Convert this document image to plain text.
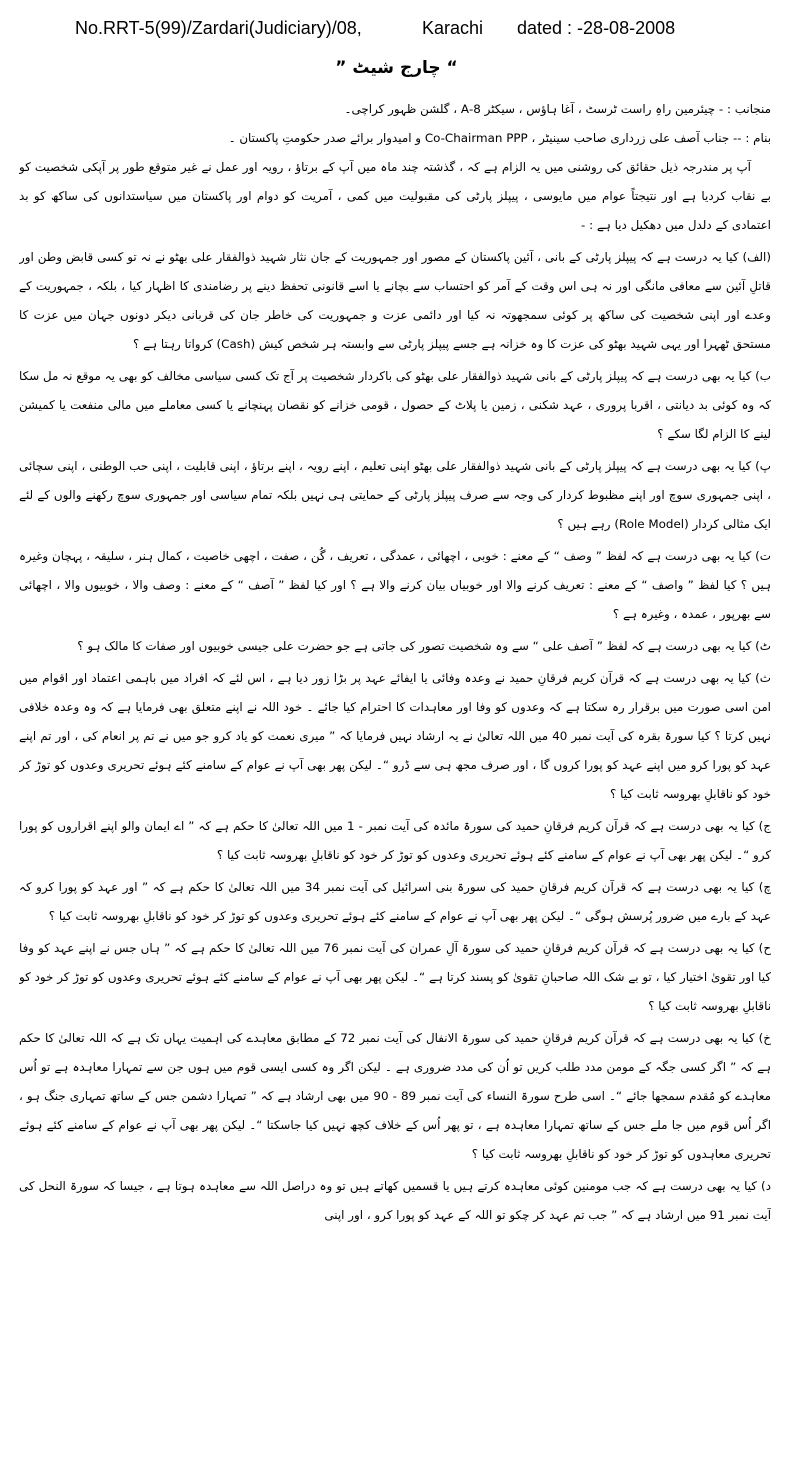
No.RRT-5(99)/Zardari(Judiciary)/08,	Karachi dated : -28-08-2008
“ چارج شیٹ ”

منجانب : - چیئرمین راہِ راست ٹرسٹ ، آغا ہاؤس ، سیکٹر 8-A ، گلشن ظہور کراچی۔

بنام : -- جناب آصف علی زرداری صاحب سینیٹر ، Co-Chairman PPP و امیدوار برائے صدر حکومتِ پاکستان ۔

آپ پر مندرجہ ذیل حقائق کی روشنی میں یہ الزام ہے کہ ، گذشتہ چند ماہ میں آپ کے برتاؤ ، رویہ اور عمل نے غیر متوقع طور پر آپکی شخصیت کو بے نقاب کردیا ہے اور نتیجتاً عوام میں مایوسی ، پیپلز پارٹی کی مقبولیت میں کمی ، آمریت کو دوام اور پاکستان میں سیاستدانوں کی ساکھ کو بد اعتمادی کے دلدل میں دھکیل دیا ہے : -

(الف) کیا یہ درست ہے کہ پیپلز پارٹی کے بانی ، آئین پاکستان کے مصور اور جمہوریت کے جان نثار شہید ذوالفقار علی بھٹو نے نہ تو کسی قابض وطن اور قاتلِ آئین سے معافی مانگی اور نہ ہی اس وقت کے آمر کو احتساب سے بچانے یا اسے قانونی تحفظ دینے پر رضامندی کا اظہار کیا ، بلکہ ، جمہوریت کے وعدے اور اپنی شخصیت کی ساکھ پر کوئی سمجھوتہ نہ کیا اور دائمی عزت و جمہوریت کی خاطر جان کی قربانی دیکر دونوں جہان میں عزت کا مستحق ٹھہرا اور یہی شہید بھٹو کی عزت کا وہ خزانہ ہے جسے پیپلز پارٹی سے وابستہ ہر شخص کیش (Cash) کرواتا رہتا ہے ؟

ب) کیا یہ بھی درست ہے کہ پیپلز پارٹی کے بانی شہید ذوالفقار علی بھٹو کی باکردار شخصیت پر آج تک کسی سیاسی مخالف کو بھی یہ موقع نہ مل سکا کہ وہ کوئی بد دیانتی ، اقربا پروری ، عہد شکنی ، زمین یا پلاٹ کے حصول ، قومی خزانے کو نقصان پہنچانے یا کسی معاملے میں مالی منفعت یا کمیشن لینے کا الزام لگا سکے ؟

پ) کیا یہ بھی درست ہے کہ پیپلز پارٹی کے بانی شہید ذوالفقار علی بھٹو اپنی تعلیم ، اپنے رویہ ، اپنے برتاؤ ، اپنی قابلیت ، اپنی حب الوطنی ، اپنی سچائی ، اپنی جمہوری سوچ اور اپنے مظبوط کردار کی وجہ سے صرف پیپلز پارٹی کے حمایتی ہی نہیں بلکہ تمام سیاسی اور جمہوری سوچ رکھنے والوں کے لئے ایک مثالی کردار (Role Model) رہے ہیں ؟

ت) کیا یہ بھی درست ہے کہ لفظ ” وصف “ کے معنے : خوبی ، اچھائی ، عمدگی ، تعریف ، گُن ، صفت ، اچھی خاصیت ، کمال ہنر ، سلیقہ ، پہچان وغیرہ ہیں ؟ کیا لفظ ” واصف “ کے معنے : تعریف کرنے والا اور خوبیاں بیان کرنے والا ہے ؟ اور کیا لفظ ” آصف “ کے معنے : وصف والا ، خوبیوں والا ، اچھائی سے بھرپور ، عمدہ ، وغیرہ ہے ؟

ٹ) کیا یہ بھی درست ہے کہ لفظ ” آصف علی “ سے وہ شخصیت تصور کی جاتی ہے جو حضرت علی جیسی خوبیوں اور صفات کا مالک ہو ؟

ث) کیا یہ بھی درست ہے کہ قرآن کریم فرقانِ حمید نے وعدہ وفائی یا ایفائے عہد پر بڑا زور دیا ہے ، اس لئے کہ افراد میں باہمی اعتماد اور اقوام میں امن اسی صورت میں برقرار رہ سکتا ہے کہ وعدوں کو وفا اور معاہدات کا احترام کیا جائے ۔ خود اللہ نے اپنے متعلق بھی فرمایا ہے کہ وہ وعدہ خلافی نہیں کرتا ؟ کیا سورۃ بقرہ کی آیت نمبر 40 میں اللہ تعالیٰ نے یہ ارشاد نہیں فرمایا کہ ” میری نعمت کو یاد کرو جو میں نے تم پر انعام کی ، اور تم اپنے عہد کو پورا کرو میں اپنے عہد کو پورا کروں گا ، اور صرف مجھ ہی سے ڈرو “۔ لیکن پھر بھی آپ نے عوام کے سامنے کئے ہوئے تحریری وعدوں کو توڑ کر خود کو ناقابلِ بھروسہ ثابت کیا ؟

ج) کیا یہ بھی درست ہے کہ قرآن کریم فرقانِ حمید کی سورۃ مائدہ کی آیت نمبر - 1 میں اللہ تعالیٰ کا حکم ہے کہ ” اے ایمان والو اپنے اقراروں کو پورا کرو “۔ لیکن پھر بھی آپ نے عوام کے سامنے کئے ہوئے تحریری وعدوں کو توڑ کر خود کو ناقابلِ بھروسہ ثابت کیا ؟

چ) کیا یہ بھی درست ہے کہ قرآن کریم فرقانِ حمید کی سورۃ بنی اسرائیل کی آیت نمبر 34 میں اللہ تعالیٰ کا حکم ہے کہ ” اور عہد کو پورا کرو کہ عہد کے بارے میں ضرور پُرسش ہوگی “۔ لیکن پھر بھی آپ نے عوام کے سامنے کئے ہوئے تحریری وعدوں کو توڑ کر خود کو ناقابلِ بھروسہ ثابت کیا ؟

ح) کیا یہ بھی درست ہے کہ قرآن کریم فرقانِ حمید کی سورۃ آلِ عمران کی آیت نمبر 76 میں اللہ تعالیٰ کا حکم ہے کہ ” ہاں جس نے اپنے عہد کو وفا کیا اور تقویٰ اختیار کیا ، تو بے شک اللہ صاحبانِ تقویٰ کو پسند کرتا ہے “۔ لیکن پھر بھی آپ نے عوام کے سامنے کئے ہوئے تحریری وعدوں کو توڑ کر خود کو ناقابلِ بھروسہ ثابت کیا ؟

خ) کیا یہ بھی درست ہے کہ قرآن کریم فرقانِ حمید کی سورۃ الانفال کی آیت نمبر 72 کے مطابق معاہدے کی اہمیت یہاں تک ہے کہ اللہ تعالیٰ کا حکم ہے کہ ” اگر کسی جگہ کے مومن مدد طلب کریں تو اُن کی مدد ضروری ہے ۔ لیکن اگر وہ کسی ایسی قوم میں ہوں جن سے تمہارا معاہدہ ہے تو اُس معاہدے کو مُقدم سمجھا جائے “۔ اسی طرح سورۃ النساء کی آیت نمبر 89 - 90 میں بھی ارشاد ہے کہ ” تمہارا دشمن جس کے ساتھ تمہاری جنگ ہو ، اگر اُس قوم میں جا ملے جس کے ساتھ تمہارا معاہدہ ہے ، تو پھر اُس کے خلاف کچھ نہیں کیا جاسکتا “۔ لیکن پھر بھی آپ نے عوام کے سامنے کئے ہوئے تحریری معاہدوں کو توڑ کر خود کو ناقابلِ بھروسہ ثابت کیا ؟

د) کیا یہ بھی درست ہے کہ جب مومنین کوئی معاہدہ کرتے ہیں یا قسمیں کھاتے ہیں تو وہ دراصل اللہ سے معاہدہ ہوتا ہے ، جیسا کہ سورۃ النحل کی آیت نمبر 91 میں ارشاد ہے کہ ” جب تم عہد کر چکو تو اللہ کے عہد کو پورا کرو ، اور اپنی
